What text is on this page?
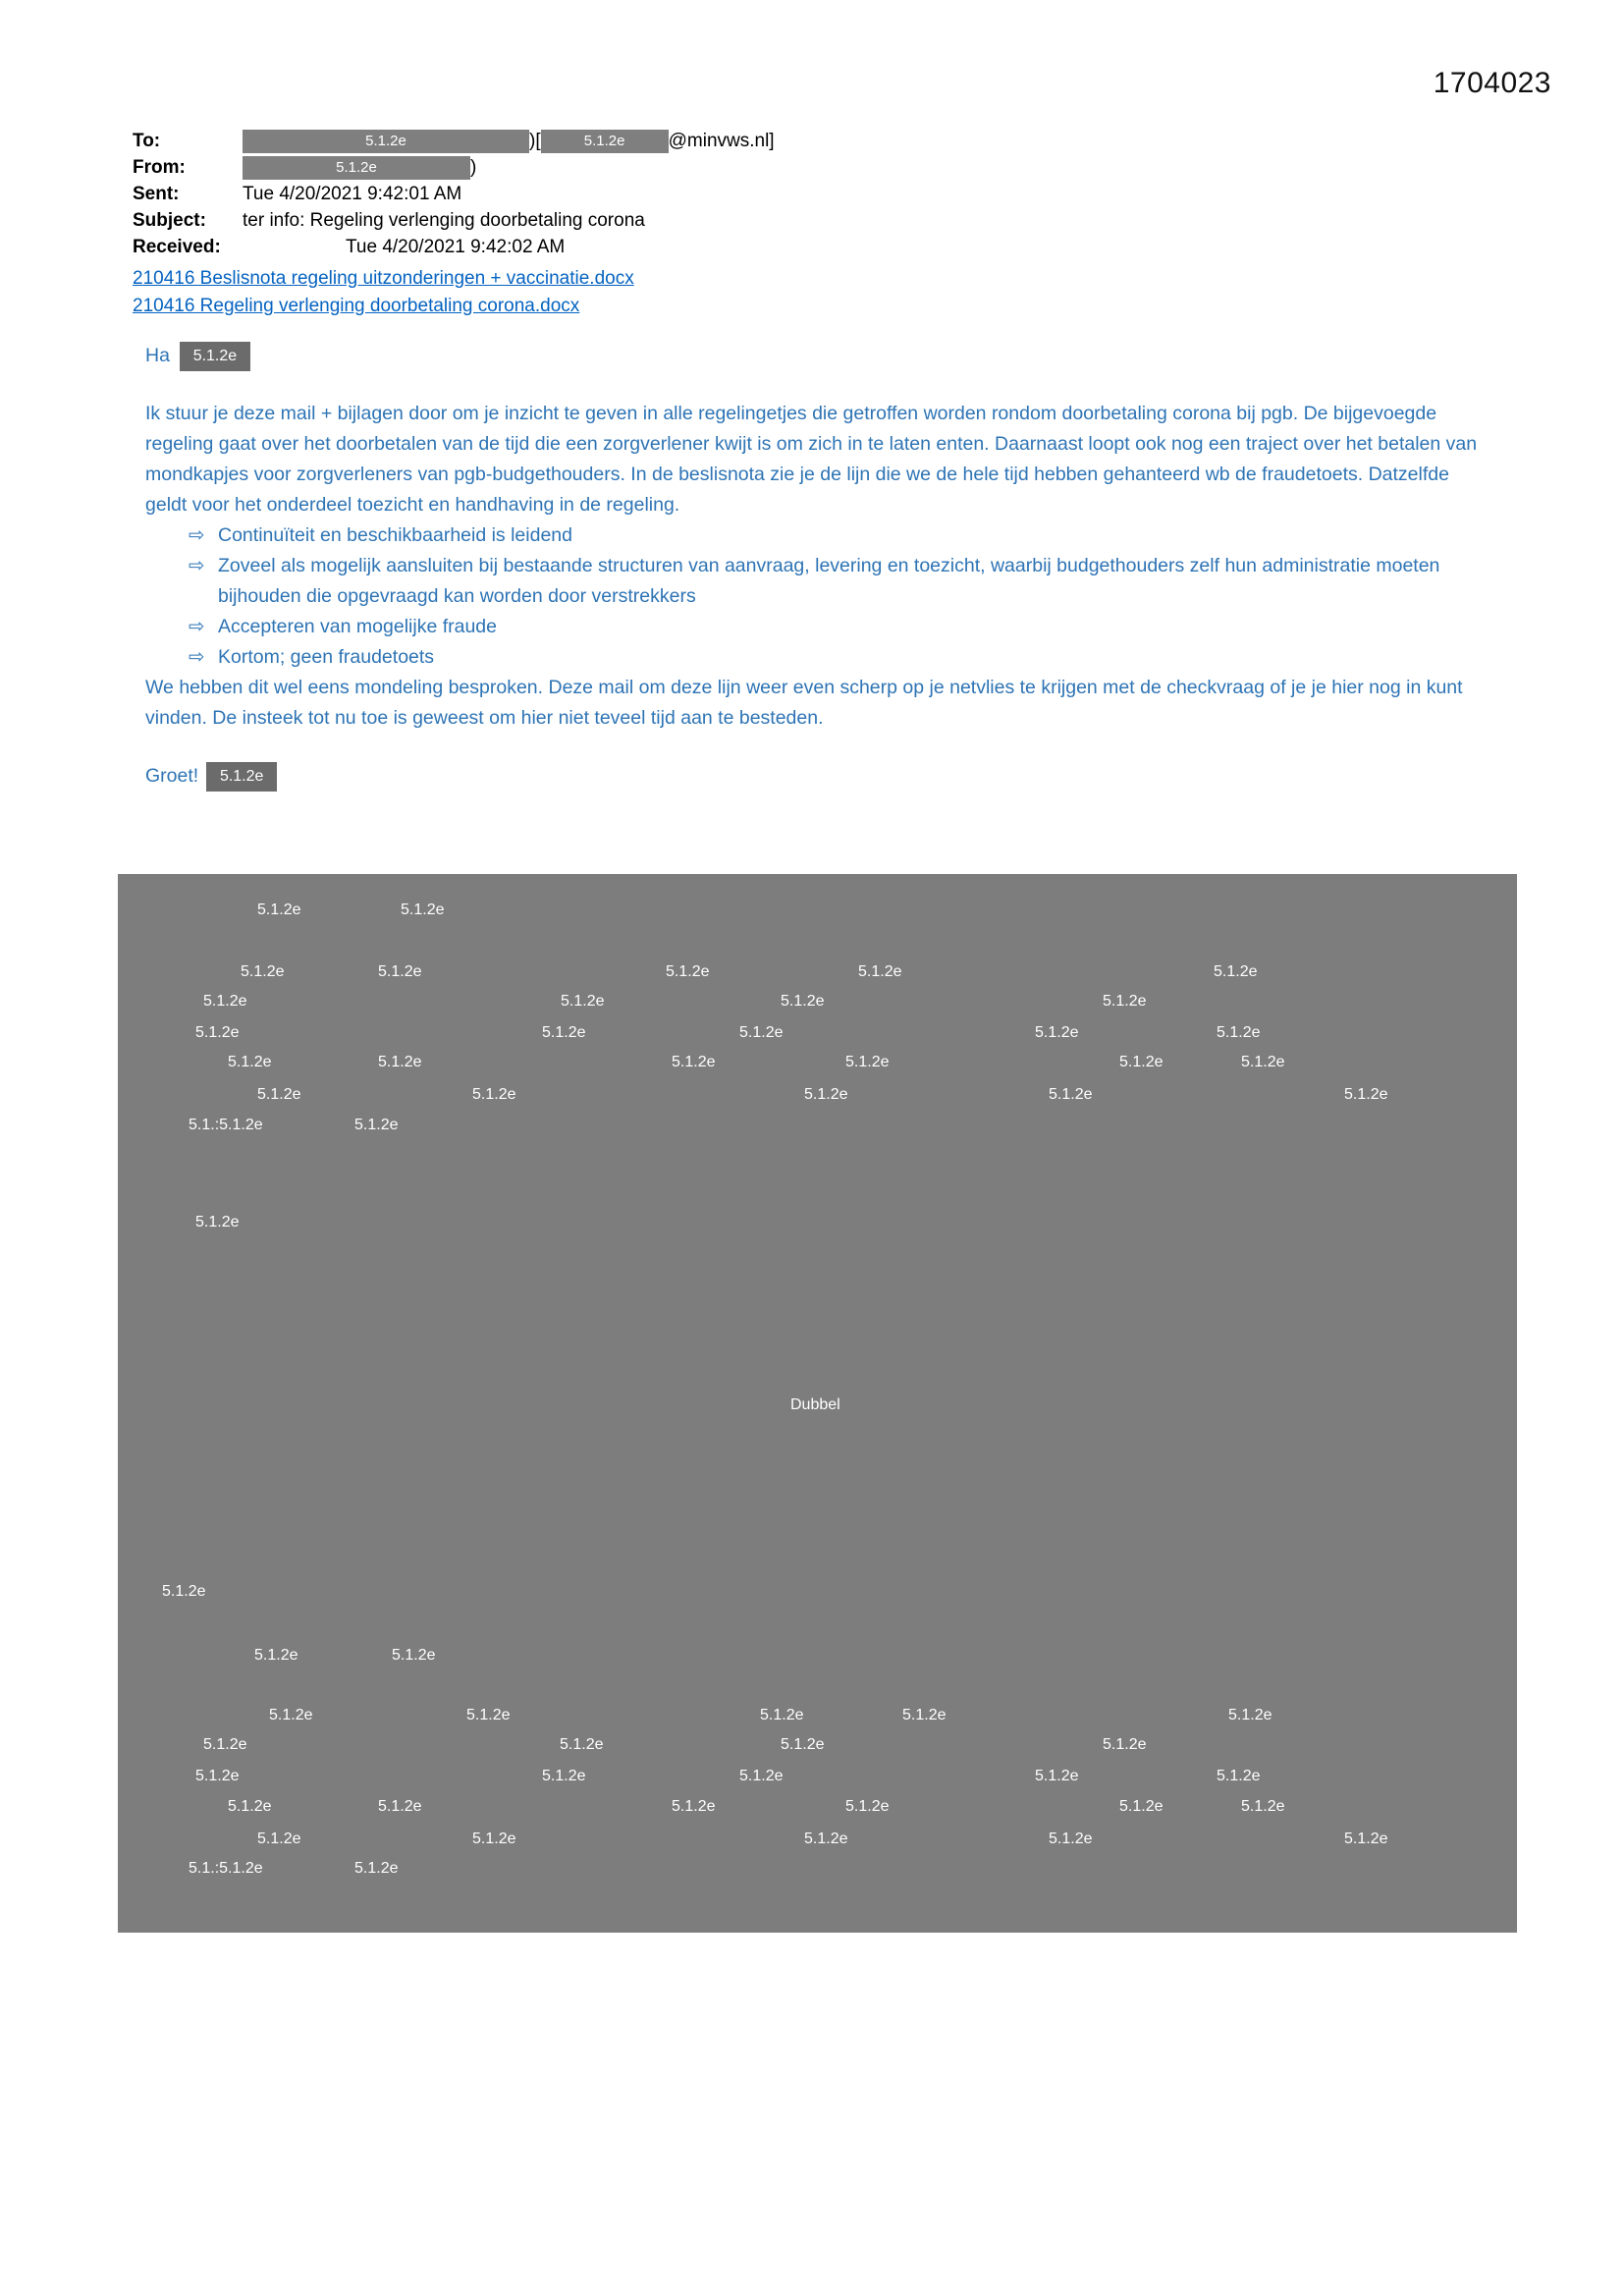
1704023
To:	5.1.2e	)[	5.1.2e	@minvws.nl]
From:	5.1.2e	)
Sent:	Tue 4/20/2021 9:42:01 AM
Subject:	ter info: Regeling verlenging doorbetaling corona
Received:	Tue 4/20/2021 9:42:02 AM
210416 Beslisnota regeling uitzonderingen + vaccinatie.docx
210416 Regeling verlenging doorbetaling corona.docx
Ha	5.1.2e
Ik stuur je deze mail + bijlagen door om je inzicht te geven in alle regelingetjes die getroffen worden rondom doorbetaling corona bij pgb. De bijgevoegde regeling gaat over het doorbetalen van de tijd die een zorgverlener kwijt is om zich in te laten enten. Daarnaast loopt ook nog een traject over het betalen van mondkapjes voor zorgverleners van pgb-budgethouders. In de beslisnota zie je de lijn die we de hele tijd hebben gehanteerd wb de fraudetoets. Datzelfde geldt voor het onderdeel toezicht en handhaving in de regeling.
⇨ Continuïteit en beschikbaarheid is leidend
⇨ Zoveel als mogelijk aansluiten bij bestaande structuren van aanvraag, levering en toezicht, waarbij budgethouders zelf hun administratie moeten bijhouden die opgevraagd kan worden door verstrekkers
⇨ Accepteren van mogelijke fraude
⇨ Kortom; geen fraudetoets
We hebben dit wel eens mondeling besproken. Deze mail om deze lijn weer even scherp op je netvlies te krijgen met de checkvraag of je je hier nog in kunt vinden. De insteek tot nu toe is geweest om hier niet teveel tijd aan te besteden.
Groet!	5.1.2e
5.1.2e	5.1.2e
5.1.2e	5.1.2e	5.1.2e	5.1.2e	5.1.2e
5.1.2e	5.1.2e	5.1.2e	5.1.2e
5.1.2e	5.1.2e	5.1.2e	5.1.2e	5.1.2e
5.1.2e	5.1.2e	5.1.2e	5.1.2e	5.1.2e	5.1.2e
5.1.2e	5.1.2e	5.1.2e	5.1.2e	5.1.2e
5.1.:5.1.2e	5.1.2e
5.1.2e
Dubbel
5.1.2e
5.1.2e	5.1.2e
5.1.2e	5.1.2e	5.1.2e	5.1.2e	5.1.2e
5.1.2e	5.1.2e	5.1.2e	5.1.2e
5.1.2e	5.1.2e	5.1.2e	5.1.2e	5.1.2e
5.1.2e	5.1.2e	5.1.2e	5.1.2e	5.1.2e	5.1.2e
5.1.2e	5.1.2e	5.1.2e	5.1.2e	5.1.2e
5.1.:5.1.2e	5.1.2e
